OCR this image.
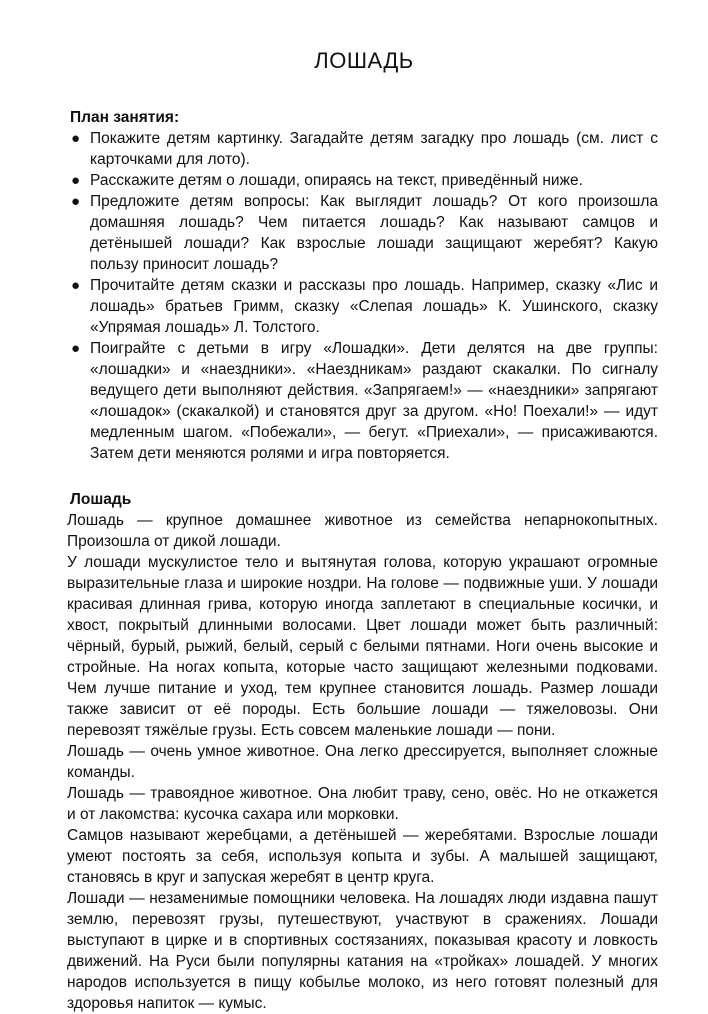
ЛОШАДЬ

План занятия:

● Покажите детям картинку. Загадайте детям загадку про лошадь (см. лист с карточками для лото).
● Расскажите детям о лошади, опираясь на текст, приведённый ниже.
● Предложите детям вопросы: Как выглядит лошадь? От кого произошла домашняя лошадь? Чем питается лошадь? Как называют самцов и детёнышей лошади? Как взрослые лошади защищают жеребят? Какую пользу приносит лошадь?
● Прочитайте детям сказки и рассказы про лошадь. Например, сказку «Лис и лошадь» братьев Гримм, сказку «Слепая лошадь» К. Ушинского, сказку «Упрямая лошадь» Л. Толстого.
● Поиграйте с детьми в игру «Лошадки». Дети делятся на две группы: «лошадки» и «наездники». «Наездникам» раздают скакалки. По сигналу ведущего дети выполняют действия. «Запрягаем!» — «наездники» запрягают «лошадок» (скакалкой) и становятся друг за другом. «Но! Поехали!» — идут медленным шагом. «Побежали», — бегут. «Приехали», — присаживаются. Затем дети меняются ролями и игра повторяется.

Лошадь

Лошадь — крупное домашнее животное из семейства непарнокопытных. Произошла от дикой лошади.

У лошади мускулистое тело и вытянутая голова, которую украшают огромные выразительные глаза и широкие ноздри. На голове — подвижные уши. У лошади красивая длинная грива, которую иногда заплетают в специальные косички, и хвост, покрытый длинными волосами. Цвет лошади может быть различный: чёрный, бурый, рыжий, белый, серый с белыми пятнами. Ноги очень высокие и стройные. На ногах копыта, которые часто защищают железными подковами. Чем лучше питание и уход, тем крупнее становится лошадь. Размер лошади также зависит от её породы. Есть большие лошади — тяжеловозы. Они перевозят тяжёлые грузы. Есть совсем маленькие лошади — пони.

Лошадь — очень умное животное. Она легко дрессируется, выполняет сложные команды.

Лошадь — травоядное животное. Она любит траву, сено, овёс. Но не откажется и от лакомства: кусочка сахара или морковки.

Самцов называют жеребцами, а детёнышей — жеребятами. Взрослые лошади умеют постоять за себя, используя копыта и зубы. А малышей защищают, становясь в круг и запуская жеребят в центр круга.

Лошади — незаменимые помощники человека. На лошадях люди издавна пашут землю, перевозят грузы, путешествуют, участвуют в сражениях. Лошади выступают в цирке и в спортивных состязаниях, показывая красоту и ловкость движений. На Руси были популярны катания на «тройках» лошадей. У многих народов используется в пищу кобылье молоко, из него готовят полезный для здоровья напиток — кумыс.
